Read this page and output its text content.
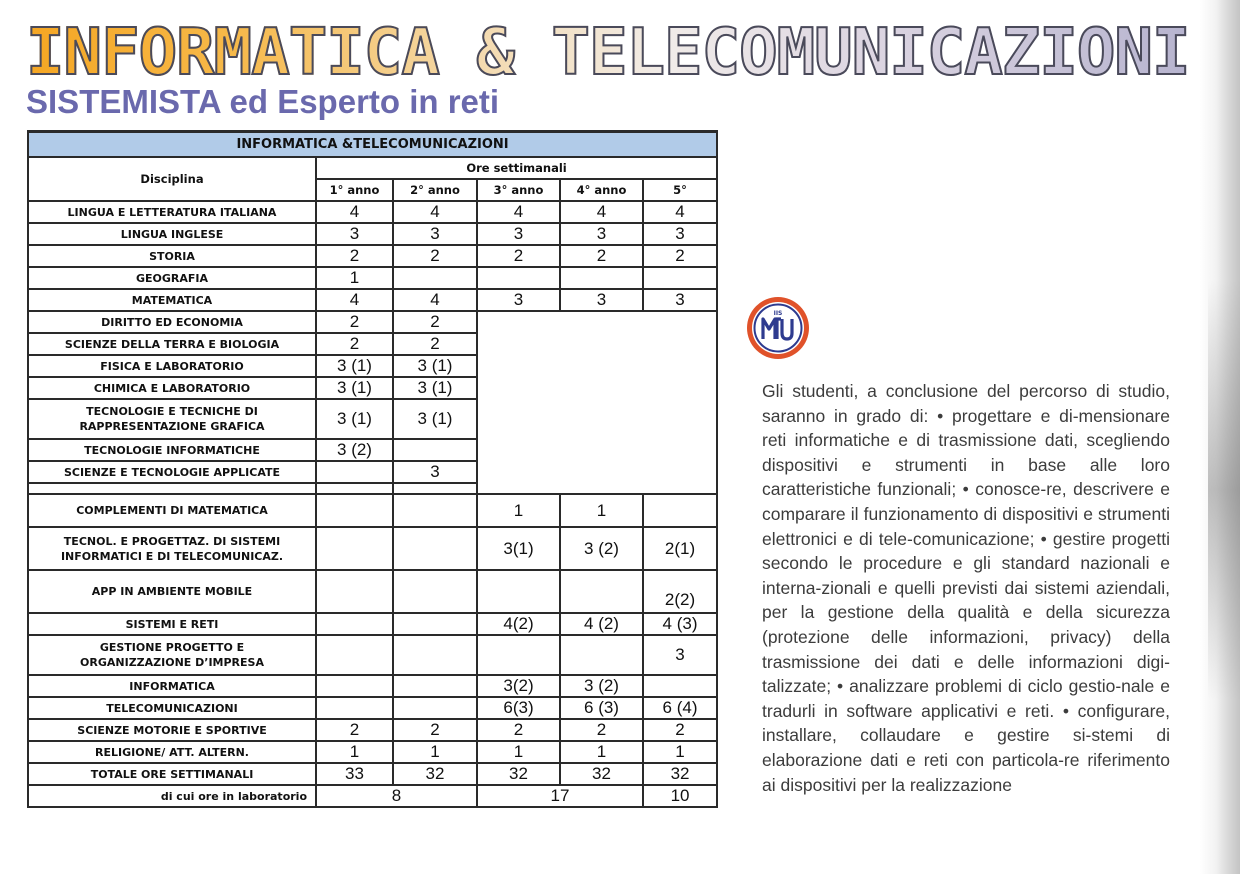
INFORMATICA & TELECOMUNICAZIONI
SISTEMISTA ed Esperto in reti
INFORMATICA &TELECOMUNICAZIONI					

Disciplina	Ore settimanali				
	1° anno	2° anno	3° anno	4° anno	5°
LINGUA E LETTERATURA ITALIANA	4	4	4	4	4
LINGUA INGLESE	3	3	3	3	3
STORIA	2	2	2	2	2
GEOGRAFIA	1				
MATEMATICA	4	4	3	3	3
DIRITTO ED ECONOMIA	2	2			
SCIENZE DELLA TERRA E BIOLOGIA	2	2			
FISICA E LABORATORIO	3 (1)	3 (1)			
CHIMICA E LABORATORIO	3 (1)	3 (1)			

TECNOLOGIE E TECNICHE DI
RAPPRESENTAZIONE GRAFICA	3 (1)	3 (1)			
TECNOLOGIE INFORMATICHE	3 (2)				
SCIENZE E TECNOLOGIE APPLICATE		3			

COMPLEMENTI DI MATEMATICA			1	1	

TECNOL. E PROGETTAZ. DI SISTEMI
INFORMATICI E DI TELECOMUNICAZ.			3(1)	3 (2)	2(1)
APP IN AMBIENTE MOBILE					2(2)
SISTEMI E RETI			4(2)	4 (2)	4 (3)

GESTIONE PROGETTO E
ORGANIZZAZIONE D’IMPRESA					3
INFORMATICA			3(2)	3 (2)	
TELECOMUNICAZIONI			6(3)	6 (3)	6 (4)
SCIENZE MOTORIE E SPORTIVE	2	2	2	2	2
RELIGIONE/ ATT. ALTERN.	1	1	1	1	1
TOTALE ORE SETTIMANALI	33	32	32	32	32
di cui ore in laboratorio	8		17		10
IIS

Gli studenti, a conclusione del percorso di studio, saranno in grado di: • progettare e di-mensionare reti informatiche e di trasmissione dati, scegliendo dispositivi e strumenti in base alle loro caratteristiche funzionali; • conosce-re, descrivere e comparare il funzionamento di dispositivi e strumenti elettronici e di tele-comunicazione; • gestire progetti secondo le procedure e gli standard nazionali e interna-zionali e quelli previsti dai sistemi aziendali, per la gestione della qualità e della sicurezza (protezione delle informazioni, privacy) della trasmissione dei dati e delle informazioni digi-talizzate; • analizzare problemi di ciclo gestio-nale e tradurli in software applicativi e reti. • configurare, installare, collaudare e gestire si-stemi di elaborazione dati e reti con particola-re riferimento ai dispositivi per la realizzazione
